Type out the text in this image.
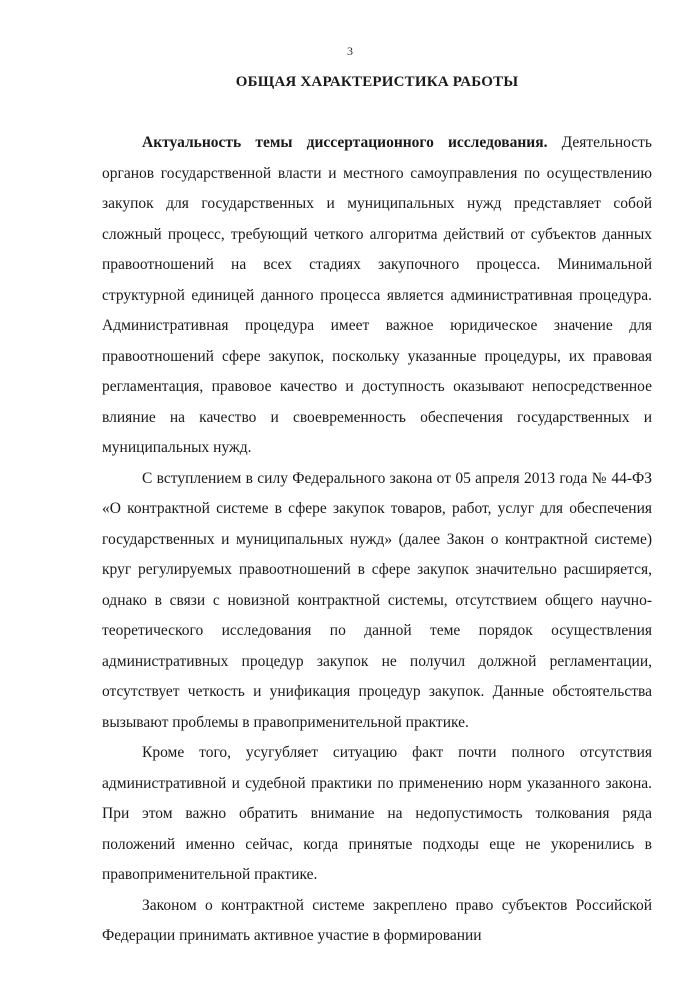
3
ОБЩАЯ ХАРАКТЕРИСТИКА РАБОТЫ

Актуальность темы диссертационного исследования. Деятельность органов государственной власти и местного самоуправления по осуществлению закупок для государственных и муниципальных нужд представляет собой сложный процесс, требующий четкого алгоритма действий от субъектов данных правоотношений на всех стадиях закупочного процесса. Минимальной структурной единицей данного процесса является административная процедура. Административная процедура имеет важное юридическое значение для правоотношений сфере закупок, поскольку указанные процедуры, их правовая регламентация, правовое качество и доступность оказывают непосредственное влияние на качество и своевременность обеспечения государственных и муниципальных нужд.

С вступлением в силу Федерального закона от 05 апреля 2013 года № 44-ФЗ «О контрактной системе в сфере закупок товаров, работ, услуг для обеспечения государственных и муниципальных нужд» (далее Закон о контрактной системе) круг регулируемых правоотношений в сфере закупок значительно расширяется, однако в связи с новизной контрактной системы, отсутствием общего научно-теоретического исследования по данной теме порядок осуществления административных процедур закупок не получил должной регламентации, отсутствует четкость и унификация процедур закупок. Данные обстоятельства вызывают проблемы в правоприменительной практике.

Кроме того, усугубляет ситуацию факт почти полного отсутствия административной и судебной практики по применению норм указанного закона. При этом важно обратить внимание на недопустимость толкования ряда положений именно сейчас, когда принятые подходы еще не укоренились в правоприменительной практике.

Законом о контрактной системе закреплено право субъектов Российской Федерации принимать активное участие в формировании
